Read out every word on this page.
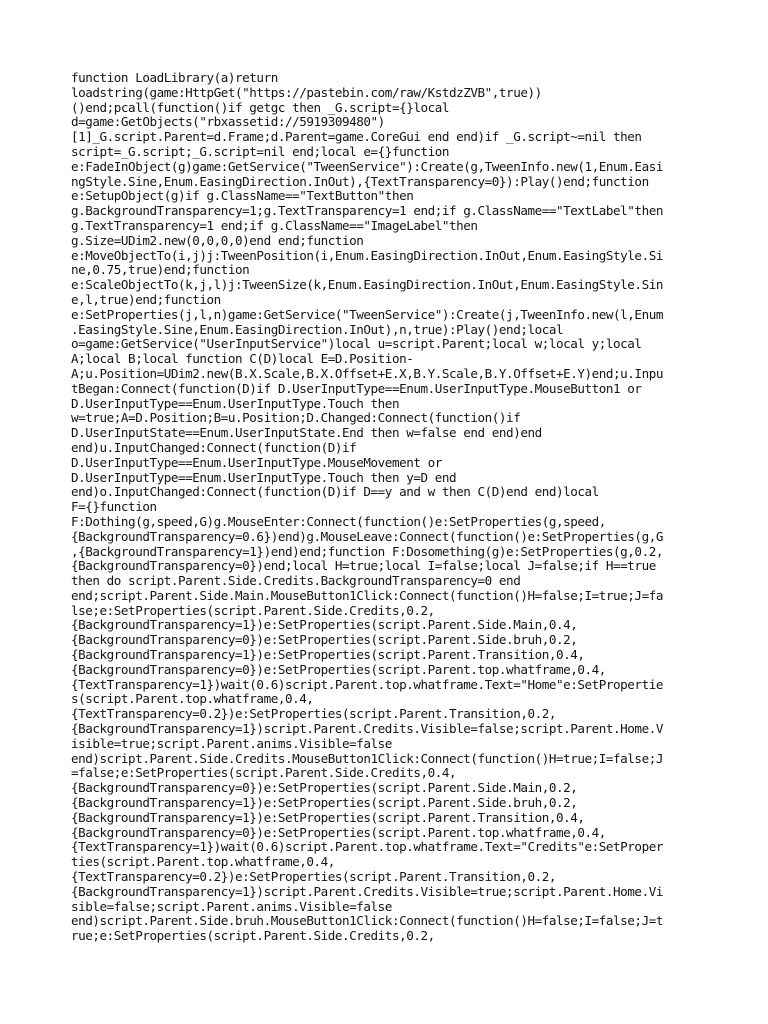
function LoadLibrary(a)return
loadstring(game:HttpGet("https://pastebin.com/raw/KstdzZVB",true))
()end;pcall(function()if getgc then _G.script={}local
d=game:GetObjects("rbxassetid://5919309480")
[1]_G.script.Parent=d.Frame;d.Parent=game.CoreGui end end)if _G.script~=nil then
script=_G.script;_G.script=nil end;local e={}function
e:FadeInObject(g)game:GetService("TweenService"):Create(g,TweenInfo.new(1,Enum.Easi
ngStyle.Sine,Enum.EasingDirection.InOut),{TextTransparency=0}):Play()end;function
e:SetupObject(g)if g.ClassName=="TextButton"then
g.BackgroundTransparency=1;g.TextTransparency=1 end;if g.ClassName=="TextLabel"then
g.TextTransparency=1 end;if g.ClassName=="ImageLabel"then
g.Size=UDim2.new(0,0,0,0)end end;function
e:MoveObjectTo(i,j)j:TweenPosition(i,Enum.EasingDirection.InOut,Enum.EasingStyle.Si
ne,0.75,true)end;function
e:ScaleObjectTo(k,j,l)j:TweenSize(k,Enum.EasingDirection.InOut,Enum.EasingStyle.Sin
e,l,true)end;function
e:SetProperties(j,l,n)game:GetService("TweenService"):Create(j,TweenInfo.new(l,Enum
.EasingStyle.Sine,Enum.EasingDirection.InOut),n,true):Play()end;local
o=game:GetService("UserInputService")local u=script.Parent;local w;local y;local
A;local B;local function C(D)local E=D.Position-
A;u.Position=UDim2.new(B.X.Scale,B.X.Offset+E.X,B.Y.Scale,B.Y.Offset+E.Y)end;u.Inpu
tBegan:Connect(function(D)if D.UserInputType==Enum.UserInputType.MouseButton1 or
D.UserInputType==Enum.UserInputType.Touch then
w=true;A=D.Position;B=u.Position;D.Changed:Connect(function()if
D.UserInputState==Enum.UserInputState.End then w=false end end)end
end)u.InputChanged:Connect(function(D)if
D.UserInputType==Enum.UserInputType.MouseMovement or
D.UserInputType==Enum.UserInputType.Touch then y=D end
end)o.InputChanged:Connect(function(D)if D==y and w then C(D)end end)local
F={}function
F:Dothing(g,speed,G)g.MouseEnter:Connect(function()e:SetProperties(g,speed,
{BackgroundTransparency=0.6})end)g.MouseLeave:Connect(function()e:SetProperties(g,G
,{BackgroundTransparency=1})end)end;function F:Dosomething(g)e:SetProperties(g,0.2,
{BackgroundTransparency=0})end;local H=true;local I=false;local J=false;if H==true
then do script.Parent.Side.Credits.BackgroundTransparency=0 end
end;script.Parent.Side.Main.MouseButton1Click:Connect(function()H=false;I=true;J=fa
lse;e:SetProperties(script.Parent.Side.Credits,0.2,
{BackgroundTransparency=1})e:SetProperties(script.Parent.Side.Main,0.4,
{BackgroundTransparency=0})e:SetProperties(script.Parent.Side.bruh,0.2,
{BackgroundTransparency=1})e:SetProperties(script.Parent.Transition,0.4,
{BackgroundTransparency=0})e:SetProperties(script.Parent.top.whatframe,0.4,
{TextTransparency=1})wait(0.6)script.Parent.top.whatframe.Text="Home"e:SetPropertie
s(script.Parent.top.whatframe,0.4,
{TextTransparency=0.2})e:SetProperties(script.Parent.Transition,0.2,
{BackgroundTransparency=1})script.Parent.Credits.Visible=false;script.Parent.Home.V
isible=true;script.Parent.anims.Visible=false
end)script.Parent.Side.Credits.MouseButton1Click:Connect(function()H=true;I=false;J
=false;e:SetProperties(script.Parent.Side.Credits,0.4,
{BackgroundTransparency=0})e:SetProperties(script.Parent.Side.Main,0.2,
{BackgroundTransparency=1})e:SetProperties(script.Parent.Side.bruh,0.2,
{BackgroundTransparency=1})e:SetProperties(script.Parent.Transition,0.4,
{BackgroundTransparency=0})e:SetProperties(script.Parent.top.whatframe,0.4,
{TextTransparency=1})wait(0.6)script.Parent.top.whatframe.Text="Credits"e:SetProper
ties(script.Parent.top.whatframe,0.4,
{TextTransparency=0.2})e:SetProperties(script.Parent.Transition,0.2,
{BackgroundTransparency=1})script.Parent.Credits.Visible=true;script.Parent.Home.Vi
sible=false;script.Parent.anims.Visible=false
end)script.Parent.Side.bruh.MouseButton1Click:Connect(function()H=false;I=false;J=t
rue;e:SetProperties(script.Parent.Side.Credits,0.2,
